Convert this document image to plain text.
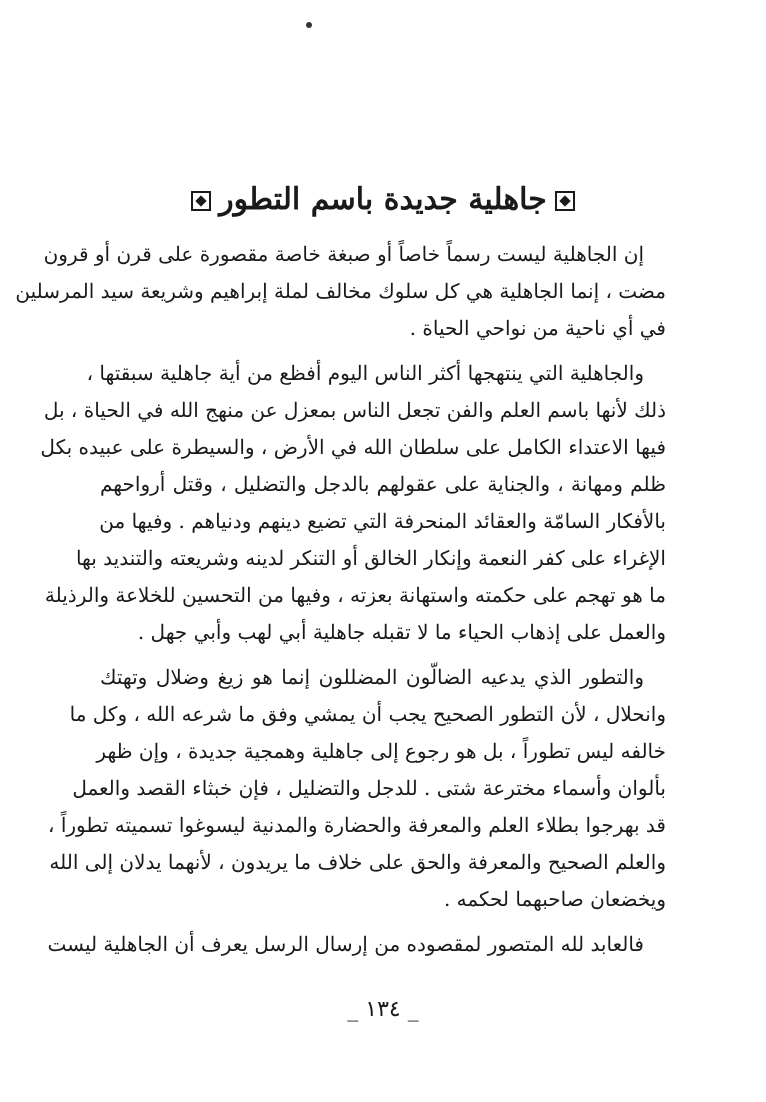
جاهلية جديدة باسم التطور
إن الجاهلية ليست رسماً خاصاً أو صبغة خاصة مقصورة على قرن أو قرون
مضت ، إنما الجاهلية هي كل سلوك مخالف لملة إبراهيم وشريعة سيد المرسلين
في أي ناحية من نواحي الحياة .
والجاهلية التي ينتهجها أكثر الناس اليوم أفظع من أية جاهلية سبقتها ،
ذلك لأنها باسم العلم والفن تجعل الناس بمعزل عن منهج الله في الحياة ، بل
فيها الاعتداء الكامل على سلطان الله في الأرض ، والسيطرة على عبيده بكل
ظلم ومهانة ، والجناية على عقولهم بالدجل والتضليل ، وقتل أرواحهم
بالأفكار السامّة والعقائد المنحرفة التي تضيع دينهم ودنياهم . وفيها من
الإغراء على كفر النعمة وإنكار الخالق أو التنكر لدينه وشريعته والتنديد بها
ما هو تهجم على حكمته واستهانة بعزته ، وفيها من التحسين للخلاعة والرذيلة
والعمل على إذهاب الحياء ما لا تقبله جاهلية أبي لهب وأبي جهل .
والتطور الذي يدعيه الضالّون المضللون إنما هو زيغ وضلال وتهتك
وانحلال ، لأن التطور الصحيح يجب أن يمشي وفق ما شرعه الله ، وكل ما
خالفه ليس تطوراً ، بل هو رجوع إلى جاهلية وهمجية جديدة ، وإن ظهر
بألوان وأسماء مخترعة شتى . للدجل والتضليل ، فإن خبثاء القصد والعمل
قد بهرجوا بطلاء العلم والمعرفة والحضارة والمدنية ليسوغوا تسميته تطوراً ،
والعلم الصحيح والمعرفة والحق على خلاف ما يريدون ، لأنهما يدلان إلى الله
ويخضعان صاحبهما لحكمه .
فالعابد لله المتصور لمقصوده من إرسال الرسل يعرف أن الجاهلية ليست
_ ١٣٤ _
